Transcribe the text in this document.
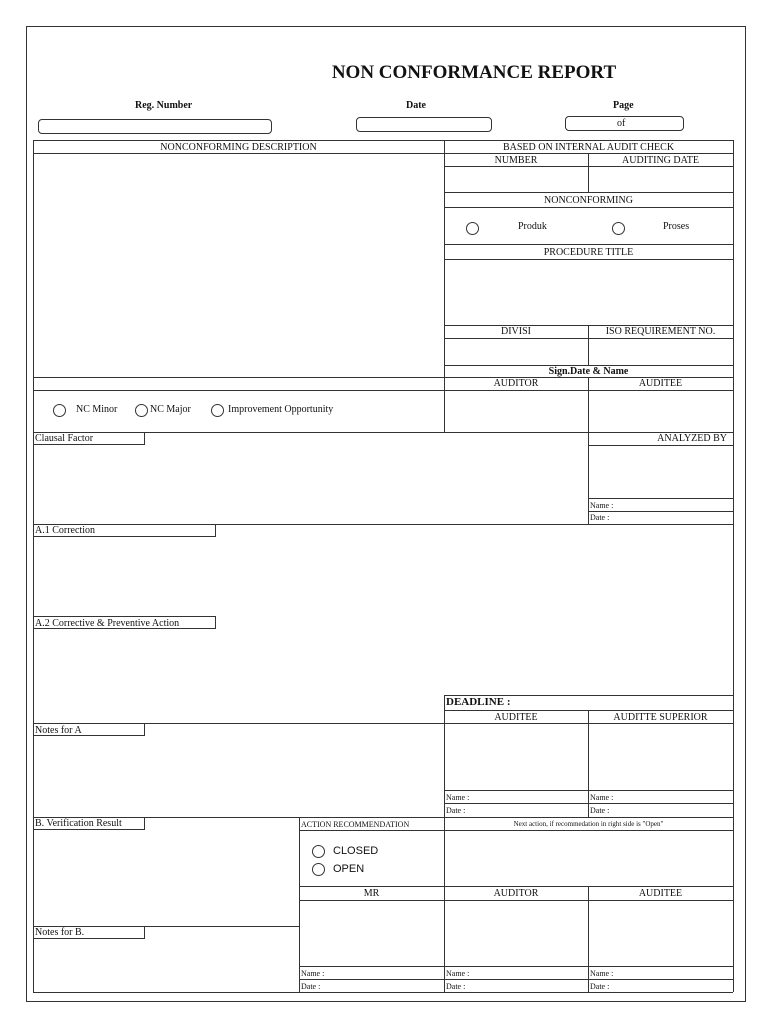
NON CONFORMANCE REPORT
Reg. Number	Date	Page
of
NONCONFORMING DESCRIPTION	BASED ON INTERNAL AUDIT CHECK
NUMBER	AUDITING DATE
NONCONFORMING
Produk	Proses
PROCEDURE TITLE
DIVISI	ISO REQUIREMENT NO.
Sign.Date & Name
AUDITOR	AUDITEE
NC Minor	NC Major	Improvement Opportunity
Clausal Factor	ANALYZED BY
Name :
Date :
A.1 Correction
A.2 Corrective & Preventive Action
DEADLINE :
AUDITEE	AUDITTE SUPERIOR
Notes for A
Name :
Date :
Name :
Date :
B. Verification Result	ACTION RECOMMENDATION	Next action, if recommedation in right side is "Open"
CLOSED
OPEN
MR	AUDITOR	AUDITEE
Notes for B.
Name :
Date :
Name :
Date :
Name :
Date :
